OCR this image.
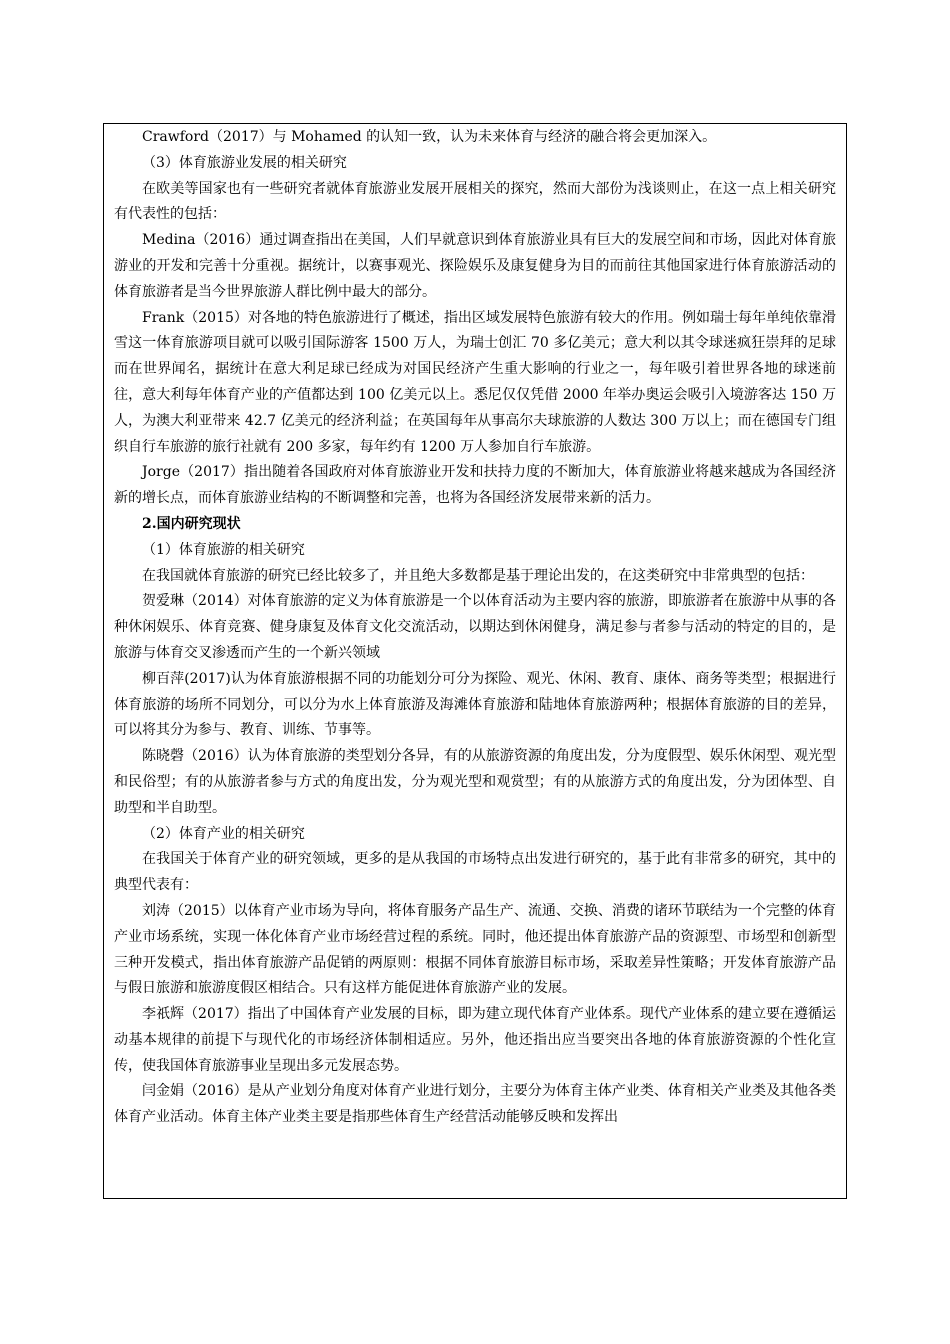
Crawford（2017）与 Mohamed 的认知一致，认为未来体育与经济的融合将会更加深入。

（3）体育旅游业发展的相关研究

在欧美等国家也有一些研究者就体育旅游业发展开展相关的探究，然而大部份为浅谈则止，在这一点上相关研究有代表性的包括：

Medina（2016）通过调查指出在美国，人们早就意识到体育旅游业具有巨大的发展空间和市场，因此对体育旅游业的开发和完善十分重视。据统计，以赛事观光、探险娱乐及康复健身为目的而前往其他国家进行体育旅游活动的体育旅游者是当今世界旅游人群比例中最大的部分。

Frank（2015）对各地的特色旅游进行了概述，指出区域发展特色旅游有较大的作用。例如瑞士每年单纯依靠滑雪这一体育旅游项目就可以吸引国际游客 1500 万人，为瑞士创汇 70 多亿美元；意大利以其令球迷疯狂崇拜的足球而在世界闻名，据统计在意大利足球已经成为对国民经济产生重大影响的行业之一，每年吸引着世界各地的球迷前往，意大利每年体育产业的产值都达到 100 亿美元以上。悉尼仅仅凭借 2000 年举办奥运会吸引入境游客达 150 万人，为澳大利亚带来 42.7 亿美元的经济利益；在英国每年从事高尔夫球旅游的人数达 300 万以上；而在德国专门组织自行车旅游的旅行社就有 200 多家，每年约有 1200 万人参加自行车旅游。

Jorge（2017）指出随着各国政府对体育旅游业开发和扶持力度的不断加大，体育旅游业将越来越成为各国经济新的增长点，而体育旅游业结构的不断调整和完善，也将为各国经济发展带来新的活力。

2.国内研究现状

（1）体育旅游的相关研究

在我国就体育旅游的研究已经比较多了，并且绝大多数都是基于理论出发的，在这类研究中非常典型的包括：

贺爱琳（2014）对体育旅游的定义为体育旅游是一个以体育活动为主要内容的旅游，即旅游者在旅游中从事的各种休闲娱乐、体育竞赛、健身康复及体育文化交流活动，以期达到休闲健身，满足参与者参与活动的特定的目的，是旅游与体育交叉渗透而产生的一个新兴领域

柳百萍(2017)认为体育旅游根据不同的功能划分可分为探险、观光、休闲、教育、康体、商务等类型；根据进行体育旅游的场所不同划分，可以分为水上体育旅游及海滩体育旅游和陆地体育旅游两种；根据体育旅游的目的差异，可以将其分为参与、教育、训练、节事等。

陈晓磬（2016）认为体育旅游的类型划分各异，有的从旅游资源的角度出发，分为度假型、娱乐休闲型、观光型和民俗型；有的从旅游者参与方式的角度出发，分为观光型和观赏型；有的从旅游方式的角度出发，分为团体型、自助型和半自助型。

（2）体育产业的相关研究

在我国关于体育产业的研究领域，更多的是从我国的市场特点出发进行研究的，基于此有非常多的研究，其中的典型代表有：

刘涛（2015）以体育产业市场为导向，将体育服务产品生产、流通、交换、消费的诸环节联结为一个完整的体育产业市场系统，实现一体化体育产业市场经营过程的系统。同时，他还提出体育旅游产品的资源型、市场型和创新型三种开发模式，指出体育旅游产品促销的两原则：根据不同体育旅游目标市场，采取差异性策略；开发体育旅游产品与假日旅游和旅游度假区相结合。只有这样方能促进体育旅游产业的发展。

李祇辉（2017）指出了中国体育产业发展的目标，即为建立现代体育产业体系。现代产业体系的建立要在遵循运动基本规律的前提下与现代化的市场经济体制相适应。另外，他还指出应当要突出各地的体育旅游资源的个性化宣传，使我国体育旅游事业呈现出多元发展态势。

闫金娟（2016）是从产业划分角度对体育产业进行划分，主要分为体育主体产业类、体育相关产业类及其他各类体育产业活动。体育主体产业类主要是指那些体育生产经营活动能够反映和发挥出
